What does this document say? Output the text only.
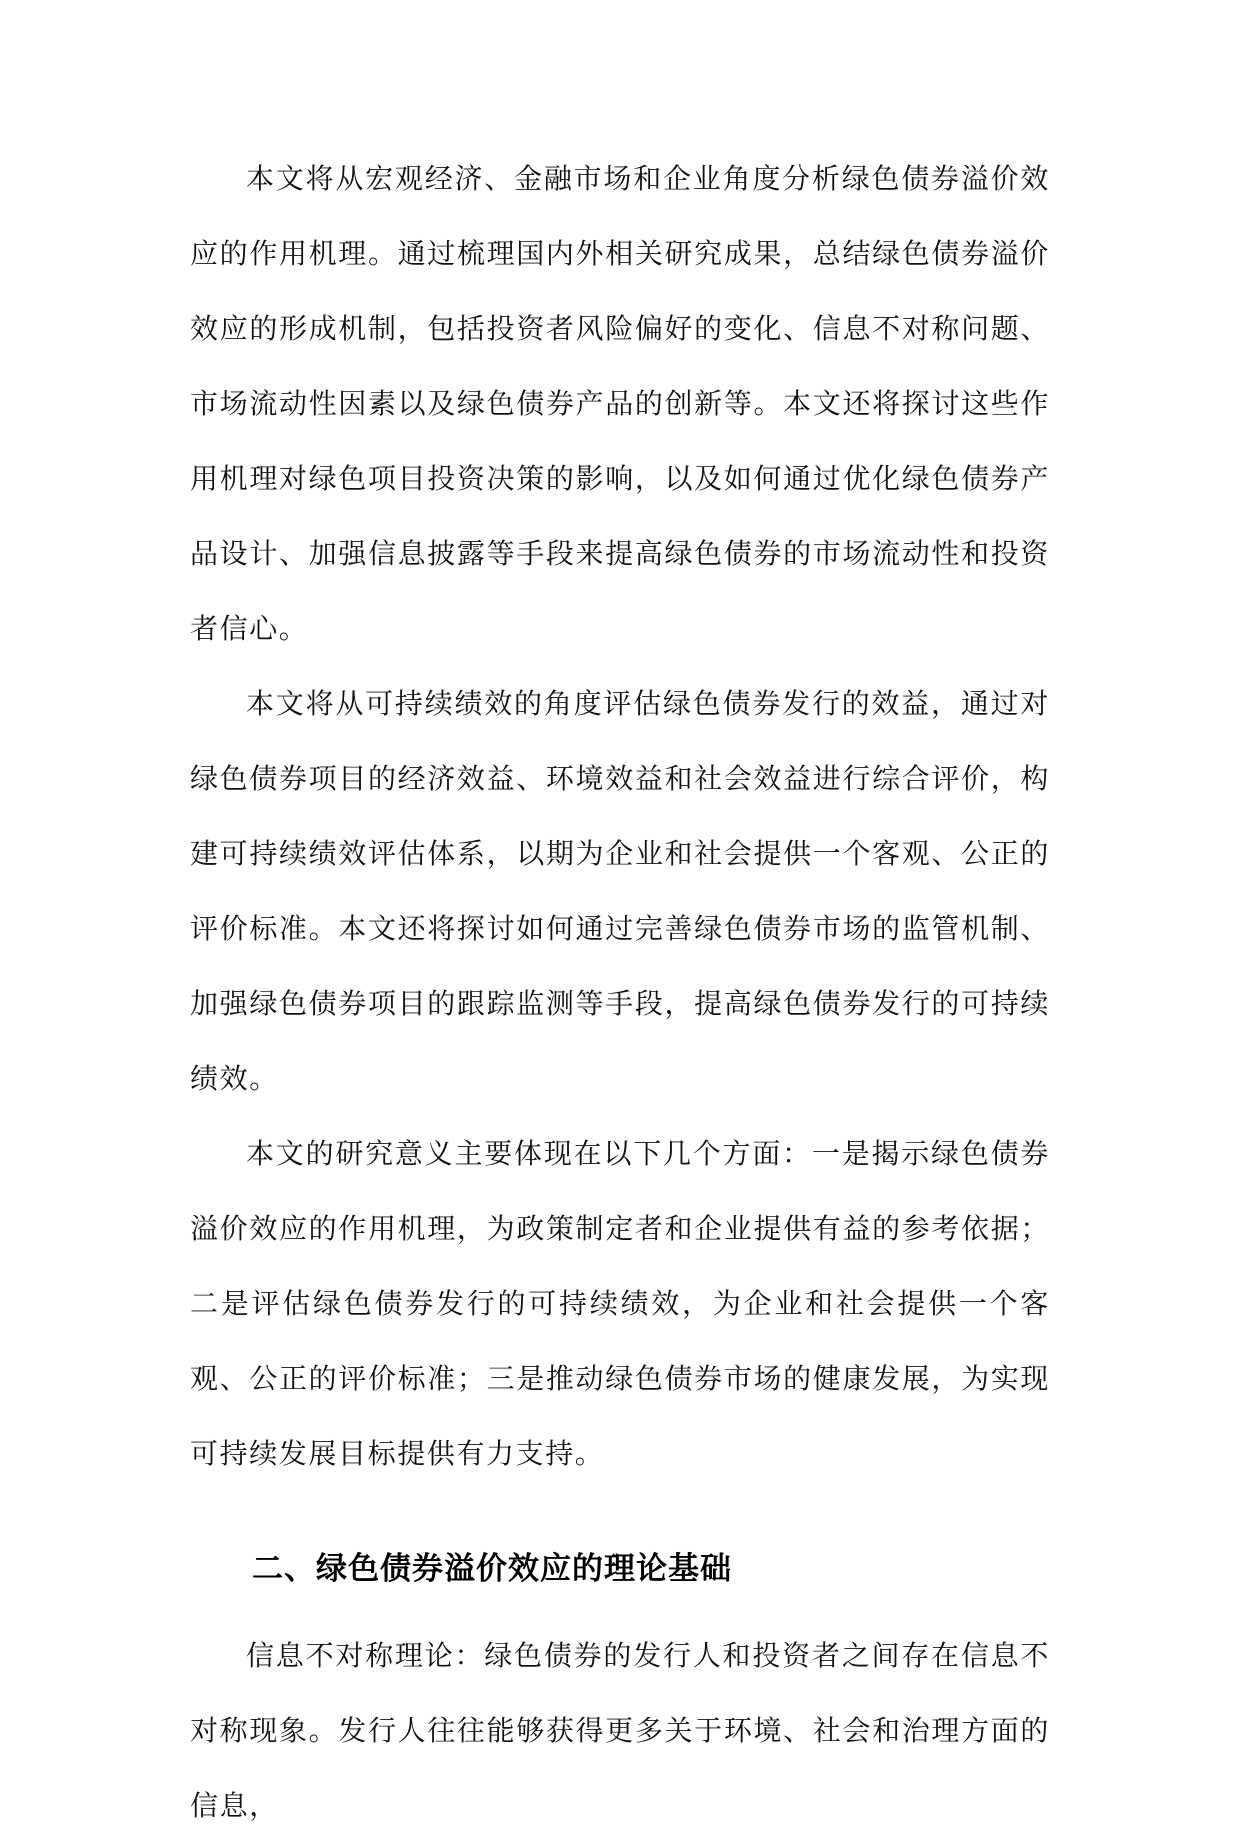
本文将从宏观经济、金融市场和企业角度分析绿色债券溢价效应的作用机理。通过梳理国内外相关研究成果，总结绿色债券溢价效应的形成机制，包括投资者风险偏好的变化、信息不对称问题、市场流动性因素以及绿色债券产品的创新等。本文还将探讨这些作用机理对绿色项目投资决策的影响，以及如何通过优化绿色债券产品设计、加强信息披露等手段来提高绿色债券的市场流动性和投资者信心。

本文将从可持续绩效的角度评估绿色债券发行的效益，通过对绿色债券项目的经济效益、环境效益和社会效益进行综合评价，构建可持续绩效评估体系，以期为企业和社会提供一个客观、公正的评价标准。本文还将探讨如何通过完善绿色债券市场的监管机制、加强绿色债券项目的跟踪监测等手段，提高绿色债券发行的可持续绩效。

本文的研究意义主要体现在以下几个方面：一是揭示绿色债券溢价效应的作用机理，为政策制定者和企业提供有益的参考依据；二是评估绿色债券发行的可持续绩效，为企业和社会提供一个客观、公正的评价标准；三是推动绿色债券市场的健康发展，为实现可持续发展目标提供有力支持。

二、绿色债券溢价效应的理论基础

信息不对称理论：绿色债券的发行人和投资者之间存在信息不对称现象。发行人往往能够获得更多关于环境、社会和治理方面的信息，
